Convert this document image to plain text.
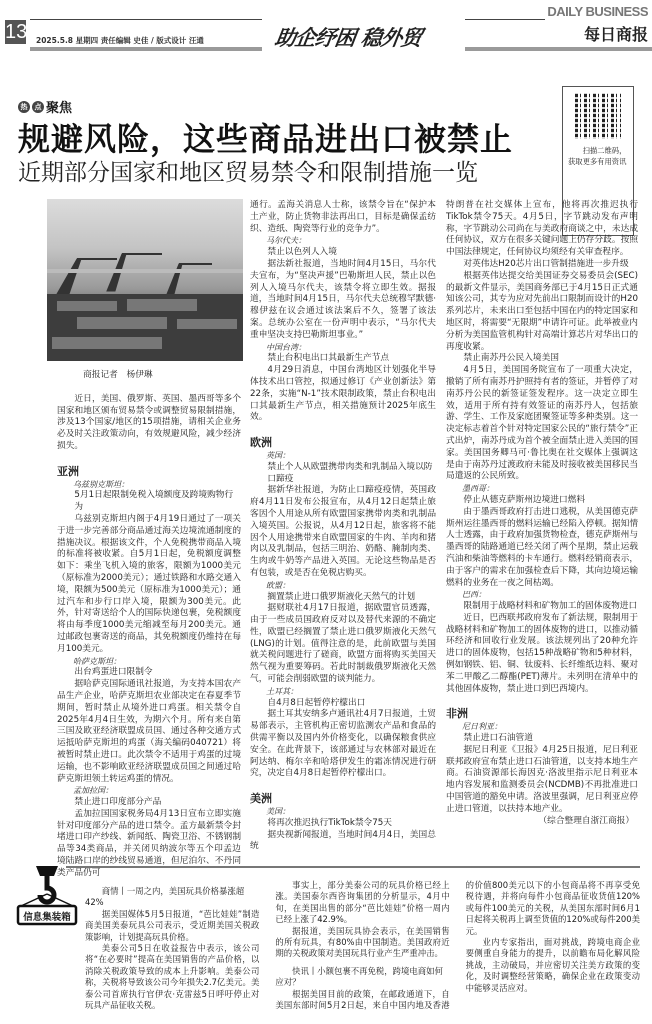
13 2025.5.8 星期四 责任编辑 史佳 / 版式设计 汪通	助企纾困 稳外贸
DAILY BUSINESS
每日商报
热	点 聚焦
规避风险，这些商品进出口被禁止
近期部分国家和地区贸易禁令和限制措施一览
扫描二维码，获取更多有用资讯
商报记者　杨伊琳
近日，美国、俄罗斯、英国、墨西哥等多个国家和地区颁布贸易禁令或调整贸易限制措施，涉及13个国家/地区的15项措施，请相关企业务必及时关注政策动向，有效规避风险，减少经济损失。
亚洲
乌兹别克斯坦：
5月1日起限制免税入境额度及跨境购物行为
乌兹别克斯坦内阁于4月19日通过了一项关于进一步完善部分商品通过海关边境流通制度的措施决议。根据该文件，个人免税携带商品入境的标准将被收紧。自5月1日起，免税额度调整如下：乘坐飞机入境的旅客，限额为1000美元（原标准为2000美元）；通过铁路和水路交通入境，限额为500美元（原标准为1000美元）；通过汽车和步行口岸入境，限额为300美元。此外，针对寄送给个人的国际快递包裹，免税额度将由每季度1000美元缩减至每月200美元。通过邮政包裹寄送的商品，其免税额度仍维持在每月100美元。
哈萨克斯坦：
出台鸡蛋进口限制令
据哈萨克国际通讯社报道，为支持本国农产品生产企业，哈萨克斯坦农业部决定在春夏季节期间，暂时禁止从境外进口鸡蛋。相关禁令自2025年4月4日生效，为期六个月。所有来自第三国及欧亚经济联盟成员国、通过各种交通方式运抵哈萨克斯坦的鸡蛋（海关编码040721）将被暂时禁止进口。此次禁令不适用于鸡蛋的过境运输，也不影响欧亚经济联盟成员国之间通过哈萨克斯坦领土转运鸡蛋的情况。
孟加拉国：
禁止进口印度部分产品
孟加拉国国家税务局4月13日宣布立即实施针对印度部分产品的进口禁令。孟方最新禁令封堵进口印产纱线、新闻纸、陶瓷卫浴、不锈钢制品等34类商品，并关闭贝纳波尔等五个印孟边境陆路口岸的纱线贸易通道，但尼泊尔、不丹同类产品仍可
通行。孟海关消息人士称，该禁令旨在“保护本土产业，防止货物非法再出口，目标是确保孟纺织、造纸、陶瓷等行业的竞争力”。
马尔代夫：
禁止以色列人入境
据法新社报道，当地时间4月15日，马尔代夫宣布，为“坚决声援”巴勒斯坦人民，禁止以色列人入境马尔代夫，该禁令将立即生效。据报道，当地时间4月15日，马尔代夫总统穆罕默德·穆伊兹在议会通过该法案后不久，签署了该法案。总统办公室在一份声明中表示，“马尔代夫重申坚决支持巴勒斯坦事业。”
中国台湾：
禁止台积电出口其最新生产节点
4月29日消息，中国台湾地区计划强化半导体技术出口管控，拟通过修订《产业创新法》第22条，实施“N-1”技术限制政策，禁止台积电出口其最新生产节点，相关措施预计2025年底生效。
欧洲
英国：
禁止个人从欧盟携带肉类和乳制品入境以防口蹄疫
据新华社报道，为防止口蹄疫疫情，英国政府4月11日发布公报宣布，从4月12日起禁止旅客因个人用途从所有欧盟国家携带肉类和乳制品入境英国。公报说，从4月12日起，旅客将不能因个人用途携带来自欧盟国家的牛肉、羊肉和猪肉以及乳制品，包括三明治、奶酪、腌制肉类、生肉或牛奶等产品进入英国。无论这些物品是否有包装，或是否在免税店购买。
欧盟：
搁置禁止进口俄罗斯液化天然气的计划
据财联社4月17日报道，据欧盟官员透露，由于一些成员国政府反对以及替代来源的不确定性，欧盟已经搁置了禁止进口俄罗斯液化天然气(LNG)的计划。值得注意的是，此前欧盟与美国就关税问题进行了磋商，欧盟方面将购买美国天然气视为重要筹码。若此时制裁俄罗斯液化天然气，可能会削弱欧盟的谈判能力。
土耳其：
自4月8日起暂停柠檬出口
据土耳其安纳多卢通讯社4月7日报道，土贸易部表示，主管机构正密切监测农产品和食品的供需平衡以及国内外价格变化，以确保粮食供应安全。在此背景下，该部通过与农林部对最近在阿达纳、梅尔辛和哈塔伊发生的霜冻情况进行研究，决定自4月8日起暂停柠檬出口。
美洲
美国：
将再次推迟执行TikTok禁令75天
据央视新闻报道，当地时间4月4日，美国总统
特朗普在社交媒体上宣布，他将再次推迟执行TikTok禁令75天。4月5日，字节跳动发布声明称，字节跳动公司尚在与美政府商谈之中，未达成任何协议，双方在很多关键问题上仍存分歧。按照中国法律规定，任何协议均须经有关审查程序。
对英伟达H20芯片出口管制措施进一步升级
根据英伟达提交给美国证券交易委员会(SEC)的最新文件显示，美国商务部已于4月15日正式通知该公司，其专为应对先前出口限制而设计的H20系列芯片，未来出口至包括中国在内的特定国家和地区时，将需要“无限期”申请许可证。此举被业内分析为美国监管机构针对高端计算芯片对华出口的再度收紧。
禁止南苏丹公民入境美国
4月5日，美国国务院宣布了一项重大决定，撤销了所有南苏丹护照持有者的签证，并暂停了对南苏丹公民的新签证签发程序。这一决定立即生效，适用于所有持有效签证的南苏丹人，包括旅游、学生、工作及家庭团聚签证等多种类别。这一决定标志着首个针对特定国家公民的“旅行禁令”正式出炉，南苏丹成为首个被全面禁止进入美国的国家。美国国务卿马可·鲁比奥在社交媒体上强调这是由于南苏丹过渡政府未能及时接收被美国移民当局遣返的公民所致。
墨西哥：
停止从德克萨斯州边境进口燃料
由于墨西哥政府打击进口逃税，从美国德克萨斯州运往墨西哥的燃料运输已经陷入停顿。据知情人士透露，由于政府加强货物检查，德克萨斯州与墨西哥的陆路通道已经关闭了两个星期，禁止运载汽油和柴油等燃料的卡车通行。燃料经销商表示，由于客户的需求在加强检查后下降，其向边境运输燃料的业务在一夜之间枯竭。
巴西：
限制用于战略材料和矿物加工的固体废物进口
近日，巴西联邦政府发布了新法规，限制用于战略材料和矿物加工的固体废物的进口，以推动循环经济和回收行业发展。该法规列出了20种允许进口的固体废物，包括15种战略矿物和5种材料，例如钢铁、铝、铜、钛废料、长纤维纸边料、聚对苯二甲酸乙二醇酯(PET)薄片。未列明在清单中的其他固体废物，禁止进口到巴西境内。
非洲
尼日利亚：
禁止进口石油管道
据尼日利亚《卫报》4月25日报道，尼日利亚联邦政府宣布禁止进口石油管道，以支持本地生产商。石油资源部长海因克·洛波里指示尼日利亚本地内容发展和监测委员会(NCDMB)不再批准进口中国管道的豁免申请。洛波里强调，尼日利亚应停止进口管道，以扶持本地产业。
（综合整理自浙江商报）
信息集装箱
商情丨一周之内，美国玩具价格暴涨超42%
据美国媒体5月5日报道，“芭比娃娃”制造商美国美泰玩具公司表示，受近期美国关税政策影响，计划提高玩具价格。
美泰公司5日在收益报告中表示，该公司将“在必要时”提高在美国销售的产品价格，以消除关税政策导致的成本上升影响。美泰公司称，关税将导致该公司今年损失2.7亿美元。美泰公司首席执行官伊农·克雷兹5日呼吁停止对玩具产品征收关税。
事实上，部分美泰公司的玩具价格已经上涨。美国泰尔西咨询集团的分析显示，4月中旬，在美国出售的部分“芭比娃娃”价格一周内已经上涨了42.9%。
据报道，美国玩具协会表示，在美国销售的所有玩具，有80%由中国制造。美国政府近期的关税政策对美国玩具行业产生严重冲击。
快讯丨小额包裹不再免税，跨境电商如何应对？
根据美国目前的政策，在邮政通道下，自美国东部时间5月2日起，来自中国内地及香港的价值800美元以下的小包商品将不再享受免税待遇，并将向每件小包商品征收货值120%或每件100美元的关税，从美国东部时间6月1日起将关税再上调至货值的120%或每件200美元。
业内专家指出，面对挑战，跨境电商企业要侧重自身能力的提升，以前瞻布局化解风险挑战，主动破局，并应密切关注美方政策的变化，及时调整经营策略，确保企业在政策变动中能够灵活应对。
